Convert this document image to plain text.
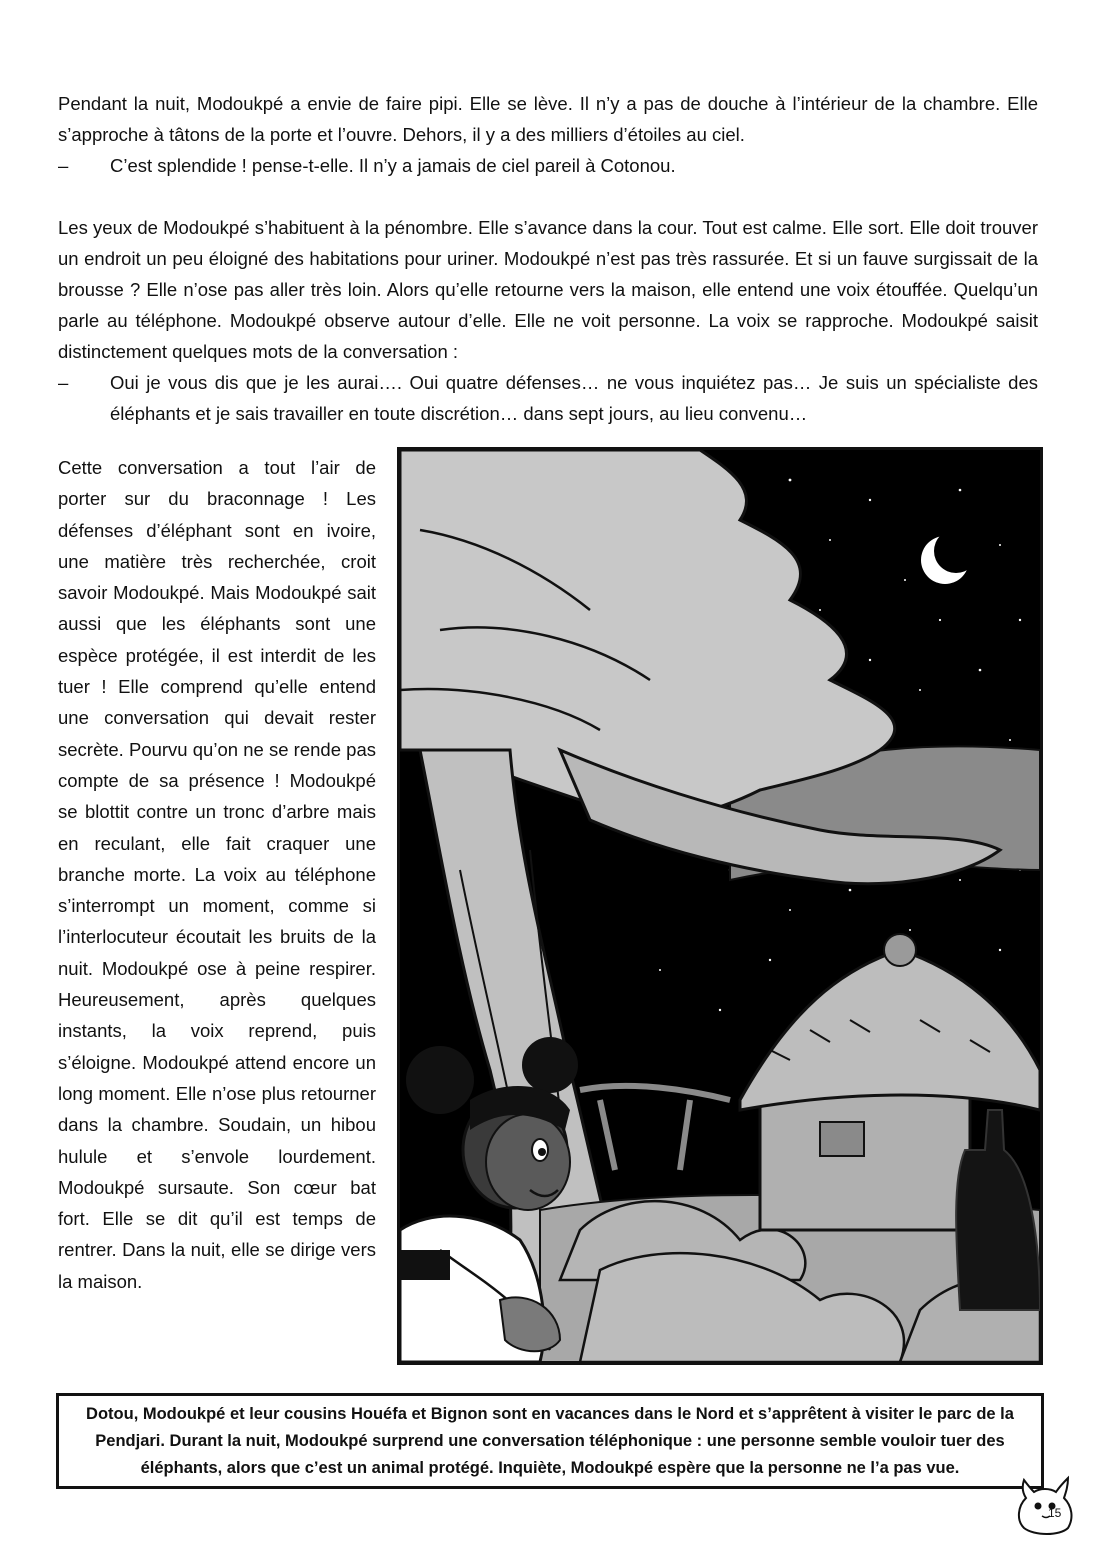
Pendant la nuit, Modoukpé a envie de faire pipi. Elle se lève. Il n’y a pas de douche à l’intérieur de la chambre. Elle s’approche à tâtons de la porte et l’ouvre. Dehors, il y a des milliers d’étoiles au ciel.

–	C’est splendide ! pense-t-elle. Il n’y a jamais de ciel pareil à Cotonou.

Les yeux de Modoukpé s’habituent à la pénombre. Elle s’avance dans la cour. Tout est calme. Elle sort. Elle doit trouver un endroit un peu éloigné des habitations pour uriner. Modoukpé n’est pas très rassurée. Et si un fauve surgissait de la brousse ? Elle n’ose pas aller très loin. Alors qu’elle retourne vers la maison, elle entend une voix étouffée. Quelqu’un parle au téléphone. Modoukpé observe autour d’elle. Elle ne voit personne. La voix se rapproche. Modoukpé saisit distinctement quelques mots de la conversation :

–	Oui je vous dis que je les aurai…. Oui quatre défenses… ne vous inquiétez pas… Je suis un spécialiste des éléphants et je sais travailler en toute discrétion… dans sept jours, au lieu convenu…

Cette conversation a tout l’air de porter sur du braconnage ! Les défenses d’éléphant sont en ivoire, une matière très recherchée, croit savoir Modoukpé. Mais Modoukpé sait aussi que les éléphants sont une espèce protégée, il est interdit de les tuer ! Elle comprend qu’elle entend une conversation qui devait rester secrète. Pourvu qu’on ne se rende pas compte de sa présence ! Modoukpé se blottit contre un tronc d’arbre mais en reculant, elle fait craquer une branche morte. La voix au téléphone s’interrompt un moment, comme si l’interlocuteur écoutait les bruits de la nuit. Modoukpé ose à peine respirer. Heureusement, après quelques instants, la voix reprend, puis s’éloigne. Modoukpé attend encore un long moment. Elle n’ose plus retourner dans la chambre. Soudain, un hibou hulule et s’envole lourdement. Modoukpé sursaute. Son cœur bat fort. Elle se dit qu’il est temps de rentrer. Dans la nuit, elle se dirige vers la maison.

Dotou, Modoukpé et leur cousins Houéfa et Bignon sont en vacances dans le Nord et s’apprêtent à visiter le parc de la Pendjari. Durant la nuit, Modoukpé surprend une conversation téléphonique : une personne semble vouloir tuer des éléphants, alors que c’est un animal protégé. Inquiète, Modoukpé espère que la personne ne l’a pas vue.

15
